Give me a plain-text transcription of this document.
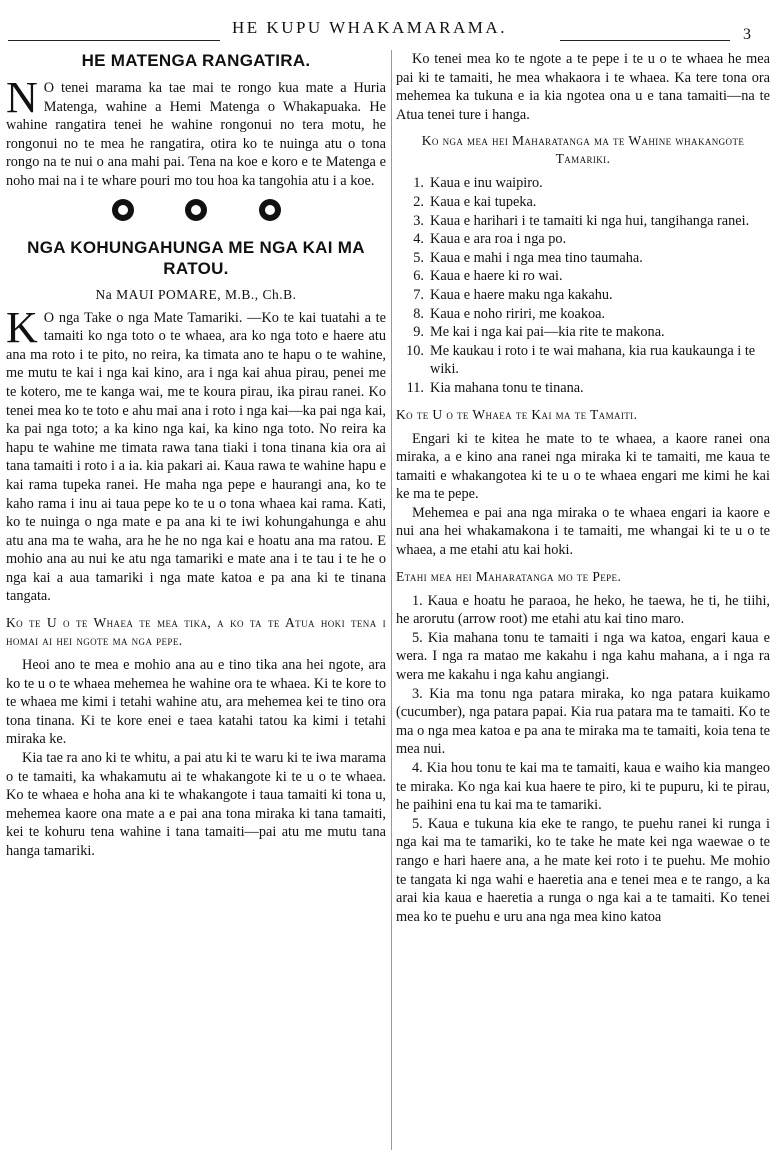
HE KUPU WHAKAMARAMA.	3
HE MATENGA RANGATIRA.

N O tenei marama ka tae mai te rongo kua mate a Huria Matenga, wahine a Hemi Matenga o Whakapuaka. He wahine rangatira tenei he wahine rongonui no tera motu, he rongonui no te mea he rangatira, otira ko te nuinga atu o tona rongo na te nui o ana mahi pai. Tena na koe e koro e te Matenga e noho mai na i te whare pouri mo tou hoa ka tangohia atu i a koe.

NGA KOHUNGAHUNGA ME NGA KAI MA RATOU.
Na MAUI POMARE, M.B., Ch.B.

K O nga Take o nga Mate Tamariki. —Ko te kai tuatahi a te tamaiti ko nga toto o te whaea, ara ko nga toto e haere atu ana ma roto i te pito, no reira, ka timata ano te hapu o te wahine, me mutu te kai i nga kai kino, ara i nga kai ahua pirau, penei me te kotero, me te kanga wai, me te koura pirau, ika pirau ranei. Ko tenei mea ko te toto e ahu mai ana i roto i nga kai—ka pai nga kai, ka pai nga toto; a ka kino nga kai, ka kino nga toto. No reira ka hapu te wahine me timata rawa tana tiaki i tona tinana kia ora ai tana tamaiti i roto i a ia. kia pakari ai. Kaua rawa te wahine hapu e kai rama tupeka ranei. He maha nga pepe e haurangi ana, ko te kaho rama i inu ai taua pepe ko te u o tona whaea kai rama. Kati, ko te nuinga o nga mate e pa ana ki te iwi kohungahunga e ahu atu ana ma te waha, ara he he no nga kai e hoatu ana ma ratou. E mohio ana au nui ke atu nga tamariki e mate ana i te tau i te he o nga kai a aua tamariki i nga mate katoa e pa ana ki te tinana tangata.

Ko te U o te Whaea te mea tika, a ko ta te Atua hoki tena i homai ai hei ngote ma nga pepe.

Heoi ano te mea e mohio ana au e tino tika ana hei ngote, ara ko te u o te whaea mehemea he wahine ora te whaea. Ki te kore to te whaea me kimi i tetahi wahine atu, ara mehemea kei te tino ora tona tinana. Ki te kore enei e taea katahi tatou ka kimi i tetahi miraka ke.

Kia tae ra ano ki te whitu, a pai atu ki te waru ki te iwa marama o te tamaiti, ka whakamutu ai te whakangote ki te u o te whaea. Ko te whaea e hoha ana ki te whakangote i taua tamaiti ki tona u, mehemea kaore ona mate a e pai ana tona miraka ki tana tamaiti, kei te kohuru tena wahine i tana tamaiti—pai atu me mutu tana hanga tamariki.

Ko tenei mea ko te ngote a te pepe i te u o te whaea he mea pai ki te tamaiti, he mea whakaora i te whaea. Ka tere tona ora mehemea ka tukuna e ia kia ngotea ona u e tana tamaiti—na te Atua tenei ture i hanga.

Ko nga mea hei Maharatanga ma te Wahine whakangote Tamariki.
1. Kaua e inu waipiro.
2. Kaua e kai tupeka.
3. Kaua e harihari i te tamaiti ki nga hui, tangihanga ranei.
4. Kaua e ara roa i nga po.
5. Kaua e mahi i nga mea tino taumaha.
6. Kaua e haere ki ro wai.
7. Kaua e haere maku nga kakahu.
8. Kaua e noho ririri, me koakoa.
9. Me kai i nga kai pai—kia rite te makona.
10. Me kaukau i roto i te wai mahana, kia rua kaukaunga i te wiki.
11. Kia mahana tonu te tinana.
Ko te U o te Whaea te Kai ma te Tamaiti.

Engari ki te kitea he mate to te whaea, a kaore ranei ona miraka, a e kino ana ranei nga miraka ki te tamaiti, me kaua te tamaiti e whakangotea ki te u o te whaea engari me kimi he kai ke ma te pepe.

Mehemea e pai ana nga miraka o te whaea engari ia kaore e nui ana hei whakamakona i te tamaiti, me whangai ki te u o te whaea, a me etahi atu kai hoki.

Etahi mea hei Maharatanga mo te Pepe.

1. Kaua e hoatu he paraoa, he heko, he taewa, he ti, he tiihi, he arorutu (arrow root) me etahi atu kai tino maro.

5. Kia mahana tonu te tamaiti i nga wa katoa, engari kaua e wera. I nga ra matao me kakahu i nga kahu mahana, a i nga ra wera me kakahu i nga kahu angiangi.

3. Kia ma tonu nga patara miraka, ko nga patara kuikamo (cucumber), nga patara papai. Kia rua patara ma te tamaiti. Ko te ma o nga mea katoa e pa ana te miraka ma te tamaiti, koia tena te mea nui.

4. Kia hou tonu te kai ma te tamaiti, kaua e waiho kia mangeo te miraka. Ko nga kai kua haere te piro, ki te pupuru, ki te pirau, he paihini ena tu kai ma te tamariki.

5. Kaua e tukuna kia eke te rango, te puehu ranei ki runga i nga kai ma te tamariki, ko te take he mate kei nga waewae o te rango e hari haere ana, a he mate kei roto i te puehu. Me mohio te tangata ki nga wahi e haeretia ana e tenei mea e te rango, a ka arai kia kaua e haeretia a runga o nga kai a te tamaiti. Ko tenei mea ko te puehu e uru ana nga mea kino katoa
